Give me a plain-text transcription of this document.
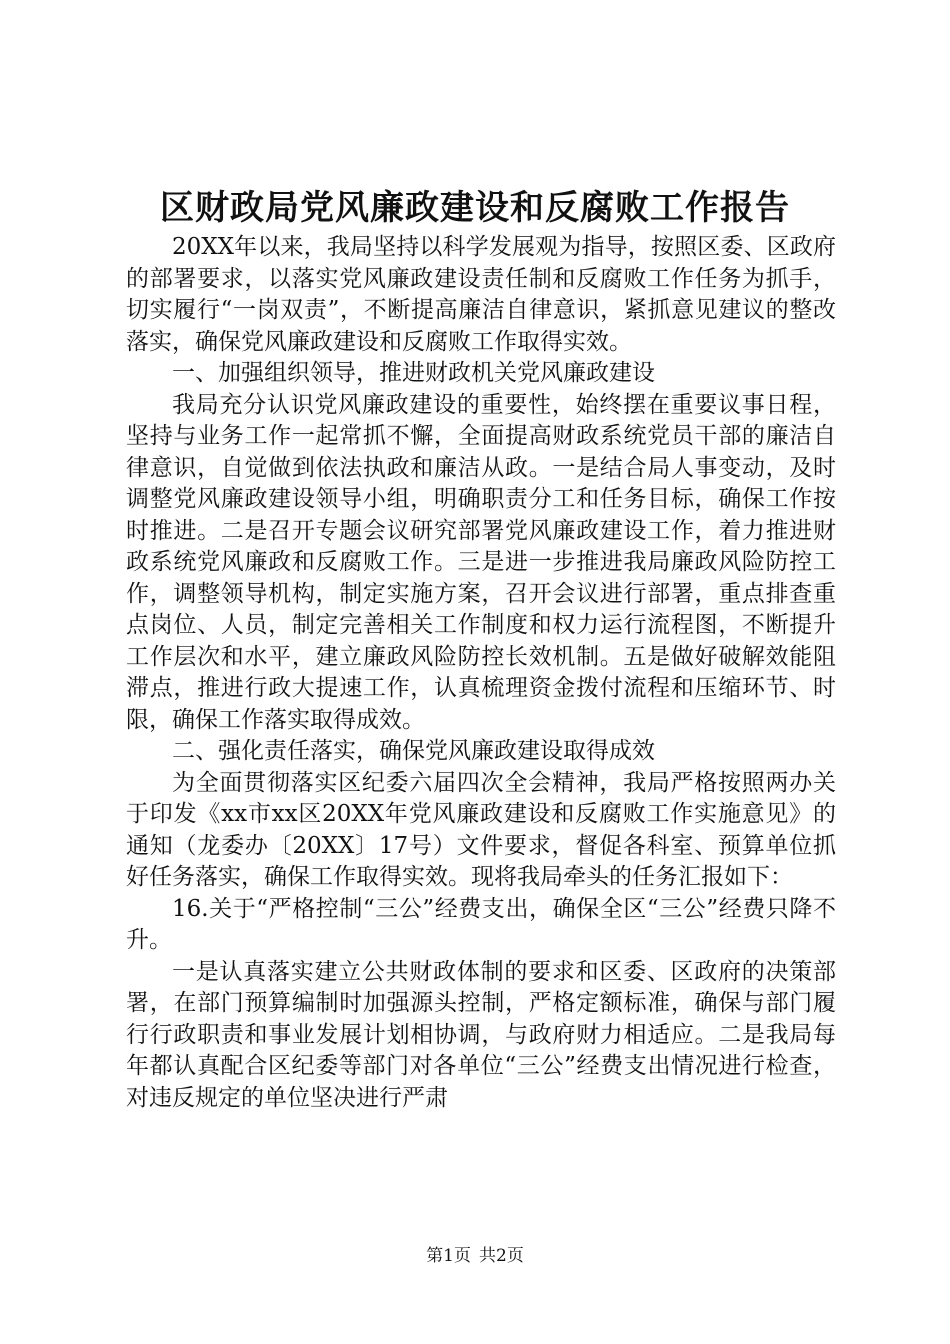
区财政局党风廉政建设和反腐败工作报告

20XX年以来，我局坚持以科学发展观为指导，按照区委、区政府的部署要求，以落实党风廉政建设责任制和反腐败工作任务为抓手，切实履行“一岗双责”，不断提高廉洁自律意识，紧抓意见建议的整改落实，确保党风廉政建设和反腐败工作取得实效。

一、加强组织领导，推进财政机关党风廉政建设

我局充分认识党风廉政建设的重要性，始终摆在重要议事日程，坚持与业务工作一起常抓不懈，全面提高财政系统党员干部的廉洁自律意识，自觉做到依法执政和廉洁从政。一是结合局人事变动，及时调整党风廉政建设领导小组，明确职责分工和任务目标，确保工作按时推进。二是召开专题会议研究部署党风廉政建设工作，着力推进财政系统党风廉政和反腐败工作。三是进一步推进我局廉政风险防控工作，调整领导机构，制定实施方案，召开会议进行部署，重点排查重点岗位、人员，制定完善相关工作制度和权力运行流程图，不断提升工作层次和水平，建立廉政风险防控长效机制。五是做好破解效能阻滞点，推进行政大提速工作，认真梳理资金拨付流程和压缩环节、时限，确保工作落实取得成效。

二、强化责任落实，确保党风廉政建设取得成效

为全面贯彻落实区纪委六届四次全会精神，我局严格按照两办关于印发《xx市xx区20XX年党风廉政建设和反腐败工作实施意见》的通知（龙委办〔20XX〕17号）文件要求，督促各科室、预算单位抓好任务落实，确保工作取得实效。现将我局牵头的任务汇报如下：

16.关于“严格控制“三公”经费支出，确保全区“三公”经费只降不升。

一是认真落实建立公共财政体制的要求和区委、区政府的决策部署，在部门预算编制时加强源头控制，严格定额标准，确保与部门履行行政职责和事业发展计划相协调，与政府财力相适应。二是我局每年都认真配合区纪委等部门对各单位“三公”经费支出情况进行检查，对违反规定的单位坚决进行严肃

第1页 共2页
